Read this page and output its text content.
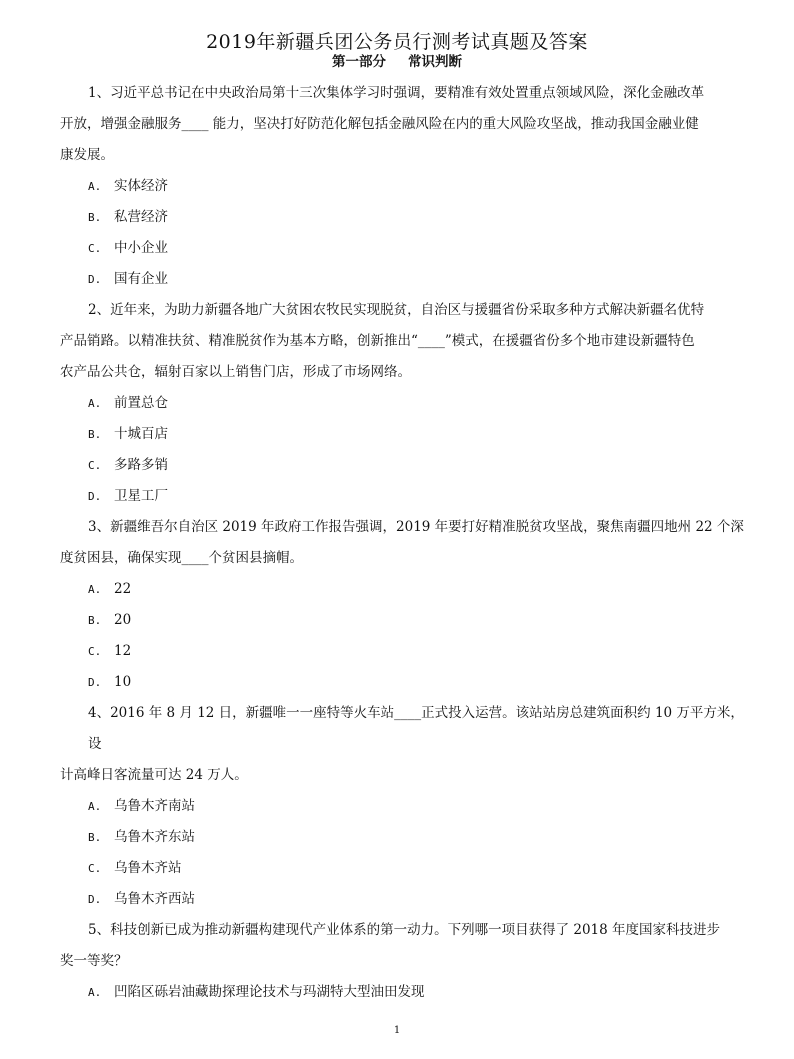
2019年新疆兵团公务员行测考试真题及答案
第一部分 常识判断

1、习近平总书记在中央政治局第十三次集体学习时强调，要精准有效处置重点领域风险，深化金融改革
开放，增强金融服务____ 能力，坚决打好防范化解包括金融风险在内的重大风险攻坚战，推动我国金融业健
康发展。

A. 实体经济
B. 私营经济
C. 中小企业
D. 国有企业

2、近年来，为助力新疆各地广大贫困农牧民实现脱贫，自治区与援疆省份采取多种方式解决新疆名优特
产品销路。以精准扶贫、精准脱贫作为基本方略，创新推出“____”模式，在援疆省份多个地市建设新疆特色
农产品公共仓，辐射百家以上销售门店，形成了市场网络。

A. 前置总仓
B. 十城百店
C. 多路多销
D. 卫星工厂

3、新疆维吾尔自治区 2019 年政府工作报告强调，2019 年要打好精准脱贫攻坚战，聚焦南疆四地州 22 个深
度贫困县，确保实现____个贫困县摘帽。

A. 22
B. 20
C. 12
D. 10

4、2016 年 8 月 12 日，新疆唯一一座特等火车站____正式投入运营。该站站房总建筑面积约 10 万平方米，设
计高峰日客流量可达 24 万人。

A. 乌鲁木齐南站
B. 乌鲁木齐东站
C. 乌鲁木齐站
D. 乌鲁木齐西站

5、科技创新已成为推动新疆构建现代产业体系的第一动力。下列哪一项目获得了 2018 年度国家科技进步
奖一等奖？

A. 凹陷区砾岩油藏勘探理论技术与玛湖特大型油田发现
1
